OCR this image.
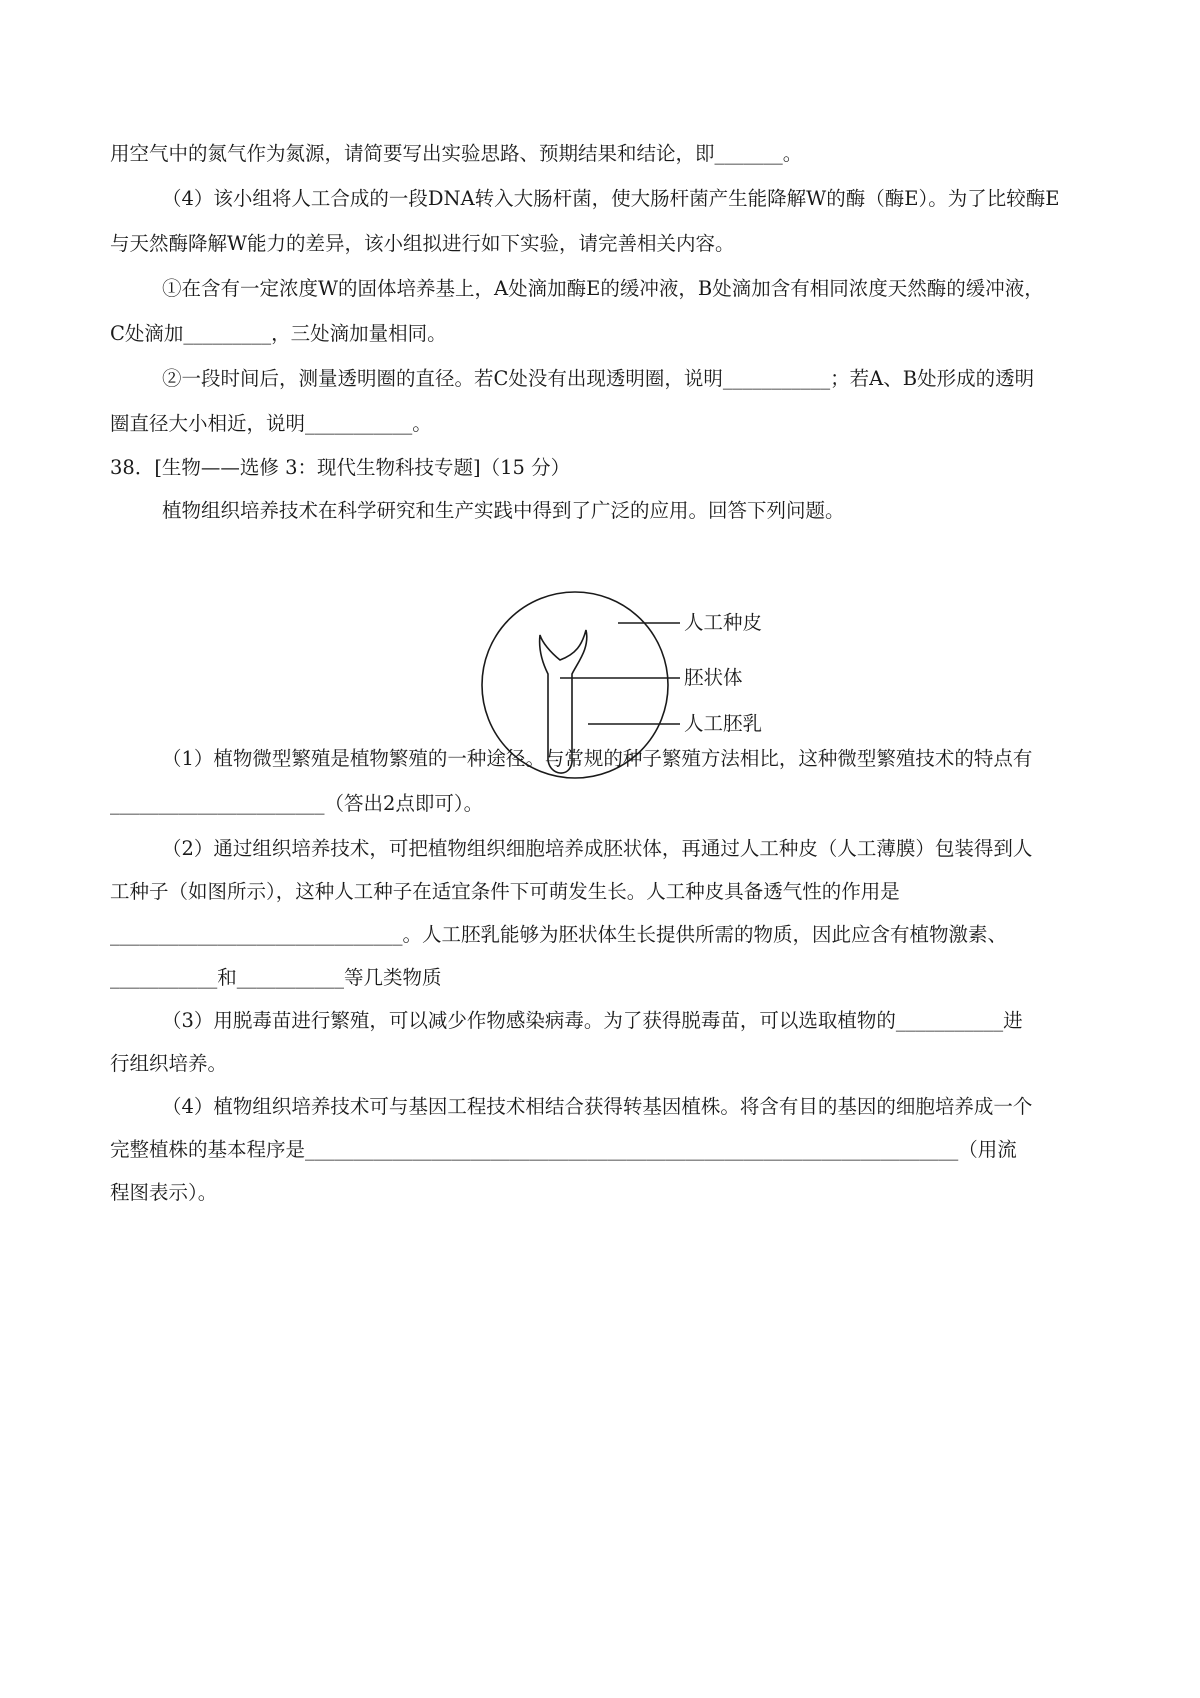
用空气中的氮气作为氮源，请简要写出实验思路、预期结果和结论，即_______。
（4）该小组将人工合成的一段DNA转入大肠杆菌，使大肠杆菌产生能降解W的酶（酶E）。为了比较酶E
与天然酶降解W能力的差异，该小组拟进行如下实验，请完善相关内容。
①在含有一定浓度W的固体培养基上，A处滴加酶E的缓冲液，B处滴加含有相同浓度天然酶的缓冲液，
C处滴加_________，三处滴加量相同。
②一段时间后，测量透明圈的直径。若C处没有出现透明圈，说明___________；若A、B处形成的透明
圈直径大小相近，说明___________。
38．[生物——选修 3：现代生物科技专题]（15 分）
植物组织培养技术在科学研究和生产实践中得到了广泛的应用。回答下列问题。
人工种皮
胚状体
人工胚乳
（1）植物微型繁殖是植物繁殖的一种途径。与常规的种子繁殖方法相比，这种微型繁殖技术的特点有
______________________（答出2点即可）。
（2）通过组织培养技术，可把植物组织细胞培养成胚状体，再通过人工种皮（人工薄膜）包装得到人
工种子（如图所示），这种人工种子在适宜条件下可萌发生长。人工种皮具备透气性的作用是
______________________________。人工胚乳能够为胚状体生长提供所需的物质，因此应含有植物激素、
___________和___________等几类物质
（3）用脱毒苗进行繁殖，可以减少作物感染病毒。为了获得脱毒苗，可以选取植物的___________进
行组织培养。
（4）植物组织培养技术可与基因工程技术相结合获得转基因植株。将含有目的基因的细胞培养成一个
完整植株的基本程序是___________________________________________________________________（用流
程图表示）。
